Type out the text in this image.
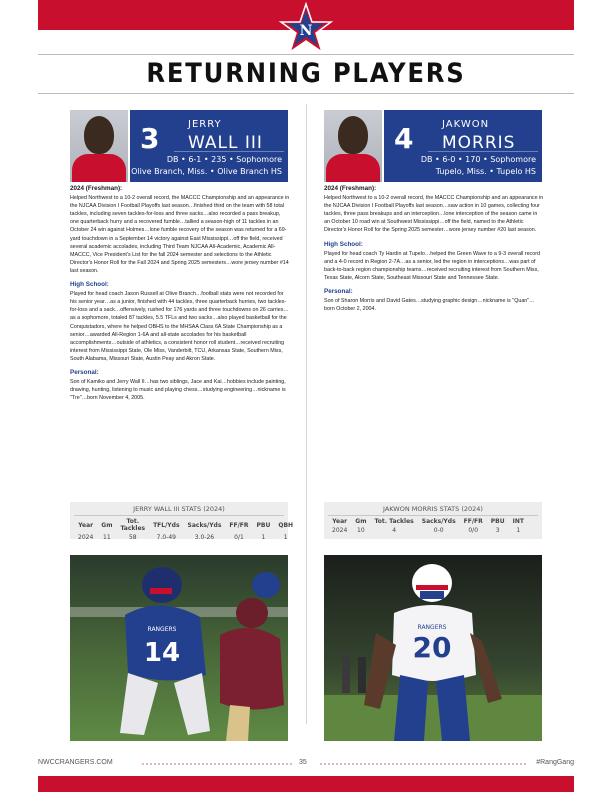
N
RETURNING PLAYERS
3	JERRY
WALL III
DB • 6-1 • 235 • Sophomore
Olive Branch, Miss. • Olive Branch HS
4	JAKWON
MORRIS
DB • 6-0 • 170 • Sophomore
Tupelo, Miss. • Tupelo HS
2024 (Freshman):

Helped Northwest to a 10-2 overall record, the MACCC Championship and an appearance in the NJCAA Division I Football Playoffs last season…finished third on the team with 58 total tackles, including seven tackles-for-loss and three sacks…also recorded a pass breakup, one quarterback hurry and a recovered fumble…tallied a season-high of 11 tackles in an October 24 win against Holmes…lone fumble recovery of the season was returned for a 69-yard touchdown in a September 14 victory against East Mississippi…off the field, received several academic accolades, including Third Team NJCAA All-Academic, Academic All-MACCC, Vice President's List for the fall 2024 semester and selections to the Athletic Director's Honor Roll for the Fall 2024 and Spring 2025 semesters…wore jersey number #14 last season.

High School:

Played for head coach Jason Russell at Olive Branch…football stats were not recorded for his senior year…as a junior, finished with 44 tackles, three quarterback hurries, two tackles-for-loss and a sack…offensively, rushed for 176 yards and three touchdowns on 26 carries…as a sophomore, totaled 87 tackles, 5.5 TFLs and two sacks…also played basketball for the Conquistadors, where he helped OBHS to the MHSAA Class 6A State Championship as a senior…awarded All-Region 1-6A and all-state accolades for his basketball accomplishments…outside of athletics, a consistent honor roll student…received recruiting interest from Mississippi State, Ole Miss, Vanderbilt, TCU, Arkansas State, Southern Miss, South Alabama, Missouri State, Austin Peay and Akron State.

Personal:

Son of Kamiko and Jerry Wall II…has two siblings, Jace and Kai…hobbies include painting, drawing, hunting, listening to music and playing chess…studying engineering…nickname is "Tre"…born November 4, 2005.

2024 (Freshman):

Helped Northwest to a 10-2 overall record, the MACCC Championship and an appearance in the NJCAA Division I Football Playoffs last season…saw action in 10 games, collecting four tackles, three pass breakups and an interception…lone interception of the season came in an October 10 road win at Southwest Mississippi…off the field, named to the Athletic Director's Honor Roll for the Spring 2025 semester…wore jersey number #20 last season.

High School:

Played for head coach Ty Hardin at Tupelo…helped the Green Wave to a 9-3 overall record and a 4-0 record in Region 2-7A…as a senior, led the region in interceptions…was part of back-to-back region championship teams…received recruiting interest from Southern Miss, Texas State, Alcorn State, Southeast Missouri State and Tennessee State.

Personal:

Son of Sharon Morris and David Gates…studying graphic design…nickname is "Quan"…born October 2, 2004.

JERRY WALL III STATS (2024)
Year	Gm	Tot. Tackles	TFL/Yds	Sacks/Yds	FF/FR	PBU	QBH
2024	11	58	7.0-49	3.0-26	0/1	1	1
JAKWON MORRIS STATS (2024)
Year	Gm	Tot. Tackles	Sacks/Yds	FF/FR	PBU	INT
2024	10	4	0-0	0/0	3	1
14
RANGERS
20
RANGERS
NWCCRANGERS.COM	35	#RangGang
